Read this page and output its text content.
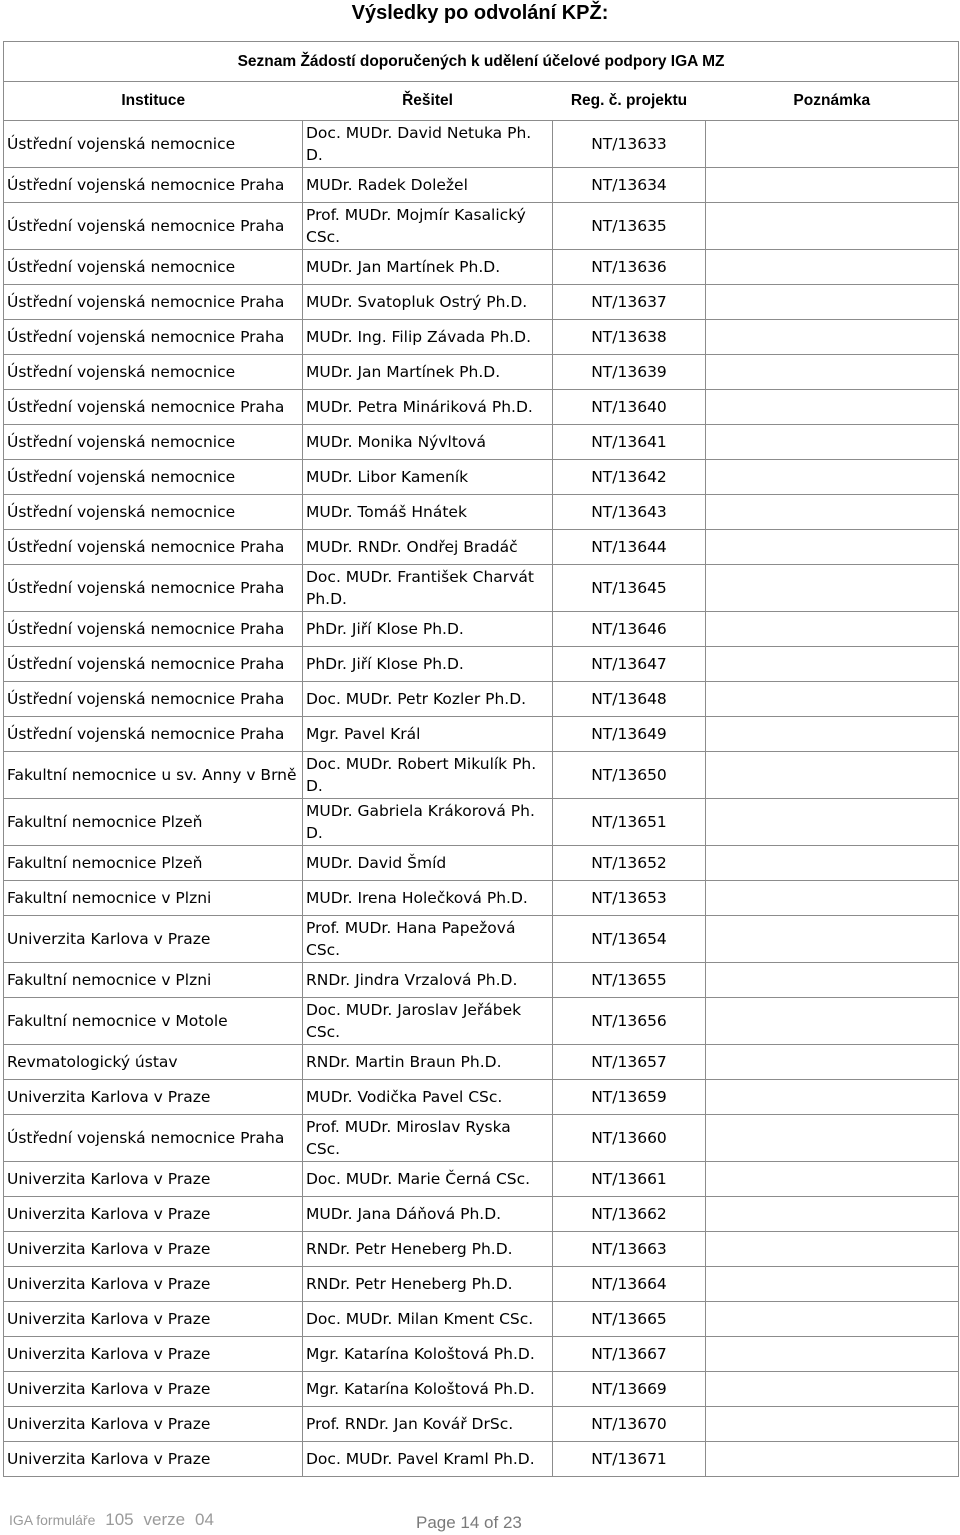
Výsledky po odvolání KPŽ:
Seznam Žádostí doporučených k udělení účelové podpory IGA MZ			
Instituce	Řešitel	Reg. č. projektu	Poznámka
Ústřední vojenská nemocnice	Doc. MUDr. David Netuka Ph. D.	NT/13633	
Ústřední vojenská nemocnice Praha	MUDr. Radek Doležel	NT/13634	
Ústřední vojenská nemocnice Praha	Prof. MUDr. Mojmír Kasalický CSc.	NT/13635	
Ústřední vojenská nemocnice	MUDr. Jan Martínek Ph.D.	NT/13636	
Ústřední vojenská nemocnice Praha	MUDr. Svatopluk Ostrý Ph.D.	NT/13637	
Ústřední vojenská nemocnice Praha	MUDr. Ing. Filip Závada Ph.D.	NT/13638	
Ústřední vojenská nemocnice	MUDr. Jan Martínek Ph.D.	NT/13639	
Ústřední vojenská nemocnice Praha	MUDr. Petra Mináriková Ph.D.	NT/13640	
Ústřední vojenská nemocnice	MUDr. Monika Nývltová	NT/13641	
Ústřední vojenská nemocnice	MUDr. Libor Kameník	NT/13642	
Ústřední vojenská nemocnice	MUDr. Tomáš Hnátek	NT/13643	
Ústřední vojenská nemocnice Praha	MUDr. RNDr. Ondřej Bradáč	NT/13644	
Ústřední vojenská nemocnice Praha	Doc. MUDr. František Charvát Ph.D.	NT/13645	
Ústřední vojenská nemocnice Praha	PhDr. Jiří Klose Ph.D.	NT/13646	
Ústřední vojenská nemocnice Praha	PhDr. Jiří Klose Ph.D.	NT/13647	
Ústřední vojenská nemocnice Praha	Doc. MUDr. Petr Kozler Ph.D.	NT/13648	
Ústřední vojenská nemocnice Praha	Mgr. Pavel Král	NT/13649	
Fakultní nemocnice u sv. Anny v Brně	Doc. MUDr. Robert Mikulík Ph. D.	NT/13650	
Fakultní nemocnice Plzeň	MUDr. Gabriela Krákorová Ph. D.	NT/13651	
Fakultní nemocnice Plzeň	MUDr. David Šmíd	NT/13652	
Fakultní nemocnice v Plzni	MUDr. Irena Holečková Ph.D.	NT/13653	
Univerzita Karlova v Praze	Prof. MUDr. Hana Papežová CSc.	NT/13654	
Fakultní nemocnice v Plzni	RNDr. Jindra Vrzalová Ph.D.	NT/13655	
Fakultní nemocnice v Motole	Doc. MUDr. Jaroslav Jeřábek CSc.	NT/13656	
Revmatologický ústav	RNDr. Martin Braun Ph.D.	NT/13657	
Univerzita Karlova v Praze	MUDr. Vodička Pavel CSc.	NT/13659	
Ústřední vojenská nemocnice Praha	Prof. MUDr. Miroslav Ryska CSc.	NT/13660	
Univerzita Karlova v Praze	Doc. MUDr. Marie Černá CSc.	NT/13661	
Univerzita Karlova v Praze	MUDr. Jana Dáňová Ph.D.	NT/13662	
Univerzita Karlova v Praze	RNDr. Petr Heneberg Ph.D.	NT/13663	
Univerzita Karlova v Praze	RNDr. Petr Heneberg Ph.D.	NT/13664	
Univerzita Karlova v Praze	Doc. MUDr. Milan Kment CSc.	NT/13665	
Univerzita Karlova v Praze	Mgr. Katarína Kološtová Ph.D.	NT/13667	
Univerzita Karlova v Praze	Mgr. Katarína Kološtová Ph.D.	NT/13669	
Univerzita Karlova v Praze	Prof. RNDr. Jan Kovář DrSc.	NT/13670	
Univerzita Karlova v Praze	Doc. MUDr. Pavel Kraml Ph.D.	NT/13671	
IGA formuláře 105 verze 04	Page 14 of 23
